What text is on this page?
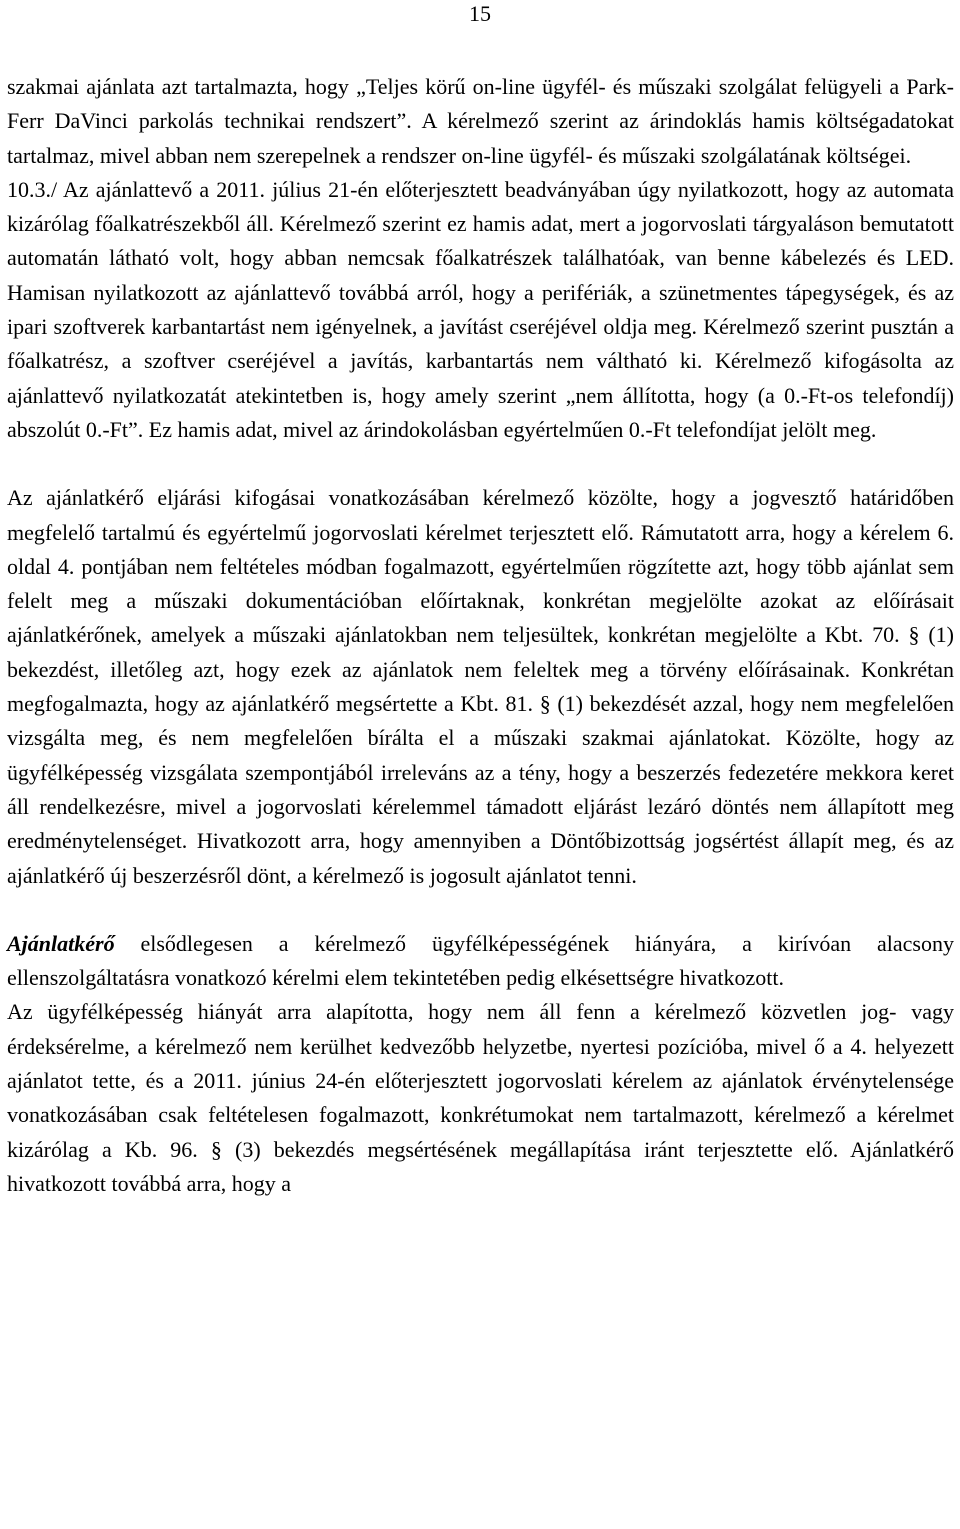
15

szakmai ajánlata azt tartalmazta, hogy „Teljes körű on-line ügyfél- és műszaki szolgálat felügyeli a Park-Ferr DaVinci parkolás technikai rendszert”. A kérelmező szerint az árindoklás hamis költségadatokat tartalmaz, mivel abban nem szerepelnek a rendszer on-line ügyfél- és műszaki szolgálatának költségei.

10.3./ Az ajánlattevő a 2011. július 21-én előterjesztett beadványában úgy nyilatkozott, hogy az automata kizárólag főalkatrészekből áll. Kérelmező szerint ez hamis adat, mert a jogorvoslati tárgyaláson bemutatott automatán látható volt, hogy abban nemcsak főalkatrészek találhatóak, van benne kábelezés és LED. Hamisan nyilatkozott az ajánlattevő továbbá arról, hogy a perifériák, a szünetmentes tápegységek, és az ipari szoftverek karbantartást nem igényelnek, a javítást cseréjével oldja meg. Kérelmező szerint pusztán a főalkatrész, a szoftver cseréjével a javítás, karbantartás nem váltható ki. Kérelmező kifogásolta az ajánlattevő nyilatkozatát atekintetben is, hogy amely szerint „nem állította, hogy (a 0.-Ft-os telefondíj) abszolút 0.-Ft”. Ez hamis adat, mivel az árindokolásban egyértelműen 0.-Ft telefondíjat jelölt meg.

Az ajánlatkérő eljárási kifogásai vonatkozásában kérelmező közölte, hogy a jogvesztő határidőben megfelelő tartalmú és egyértelmű jogorvoslati kérelmet terjesztett elő. Rámutatott arra, hogy a kérelem 6. oldal 4. pontjában nem feltételes módban fogalmazott, egyértelműen rögzítette azt, hogy több ajánlat sem felelt meg a műszaki dokumentációban előírtaknak, konkrétan megjelölte azokat az előírásait ajánlatkérőnek, amelyek a műszaki ajánlatokban nem teljesültek, konkrétan megjelölte a Kbt. 70. § (1) bekezdést, illetőleg azt, hogy ezek az ajánlatok nem feleltek meg a törvény előírásainak. Konkrétan megfogalmazta, hogy az ajánlatkérő megsértette a Kbt. 81. § (1) bekezdését azzal, hogy nem megfelelően vizsgálta meg, és nem megfelelően bírálta el a műszaki szakmai ajánlatokat. Közölte, hogy az ügyfélképesség vizsgálata szempontjából irreleváns az a tény, hogy a beszerzés fedezetére mekkora keret áll rendelkezésre, mivel a jogorvoslati kérelemmel támadott eljárást lezáró döntés nem állapított meg eredménytelenséget. Hivatkozott arra, hogy amennyiben a Döntőbizottság jogsértést állapít meg, és az ajánlatkérő új beszerzésről dönt, a kérelmező is jogosult ajánlatot tenni.

Ajánlatkérő elsődlegesen a kérelmező ügyfélképességének hiányára, a kirívóan alacsony ellenszolgáltatásra vonatkozó kérelmi elem tekintetében pedig elkésettségre hivatkozott.

Az ügyfélképesség hiányát arra alapította, hogy nem áll fenn a kérelmező közvetlen jog- vagy érdeksérelme, a kérelmező nem kerülhet kedvezőbb helyzetbe, nyertesi pozícióba, mivel ő a 4. helyezett ajánlatot tette, és a 2011. június 24-én előterjesztett jogorvoslati kérelem az ajánlatok érvénytelensége vonatkozásában csak feltételesen fogalmazott, konkrétumokat nem tartalmazott, kérelmező a kérelmet kizárólag a Kb. 96. § (3) bekezdés megsértésének megállapítása iránt terjesztette elő. Ajánlatkérő hivatkozott továbbá arra, hogy a
